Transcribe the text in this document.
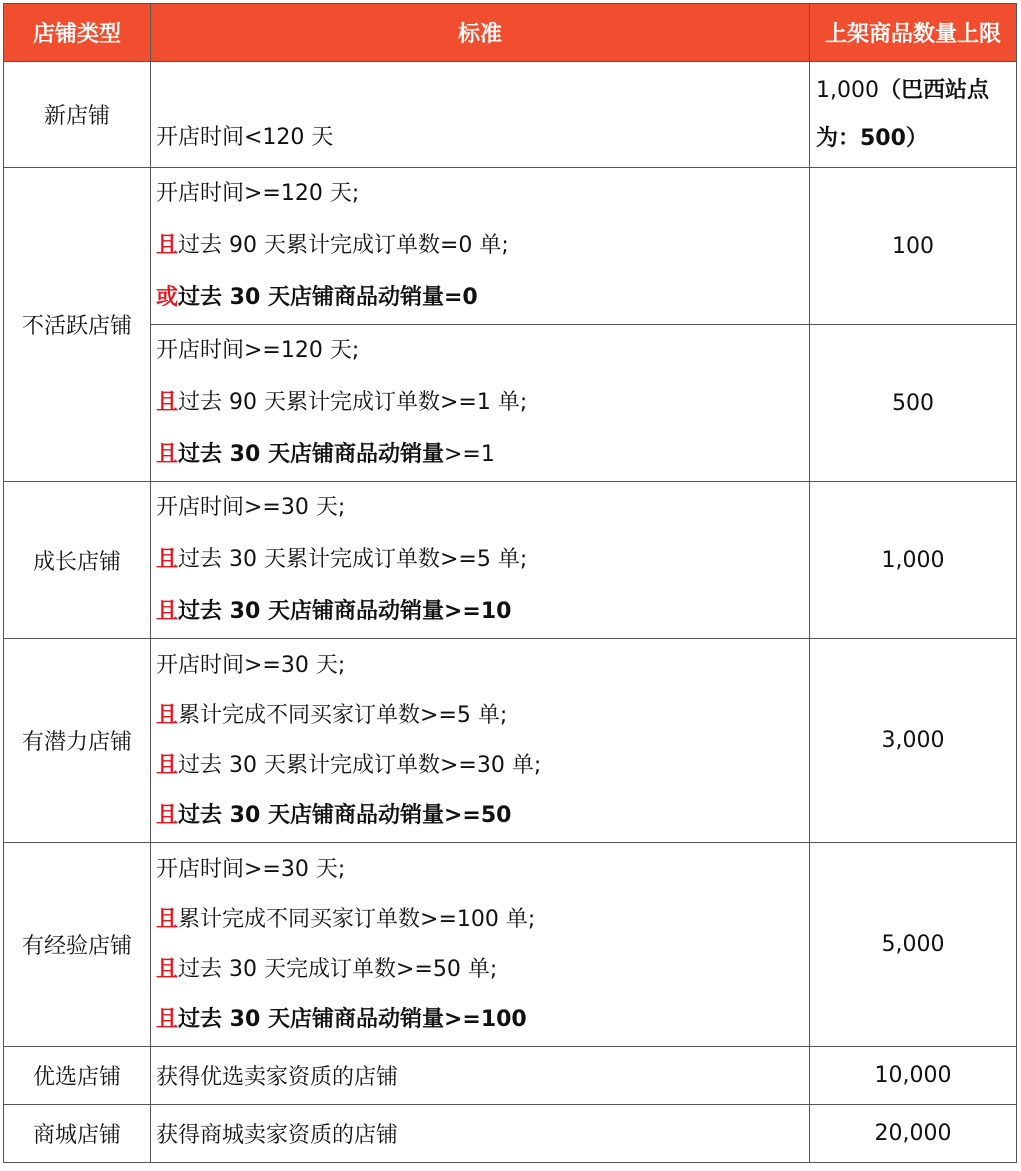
店铺类型	标准	上架商品数量上限
新店铺	开店时间<120 天	1,000（巴西站点
为：500）

不活跃店铺	开店时间>=120 天;
且过去 90 天累计完成订单数=0 单;
或过去 30 天店铺商品动销量=0	100

	开店时间>=120 天;
且过去 90 天累计完成订单数>=1 单;
且过去 30 天店铺商品动销量>=1	500
成长店铺	开店时间>=30 天;
且过去 30 天累计完成订单数>=5 单;
且过去 30 天店铺商品动销量>=10	1,000
有潜力店铺	开店时间>=30 天;
且累计完成不同买家订单数>=5 单;
且过去 30 天累计完成订单数>=30 单;
且过去 30 天店铺商品动销量>=50	3,000
有经验店铺	开店时间>=30 天;
且累计完成不同买家订单数>=100 单;
且过去 30 天完成订单数>=50 单;
且过去 30 天店铺商品动销量>=100	5,000
优选店铺	获得优选卖家资质的店铺	10,000
商城店铺	获得商城卖家资质的店铺	20,000
